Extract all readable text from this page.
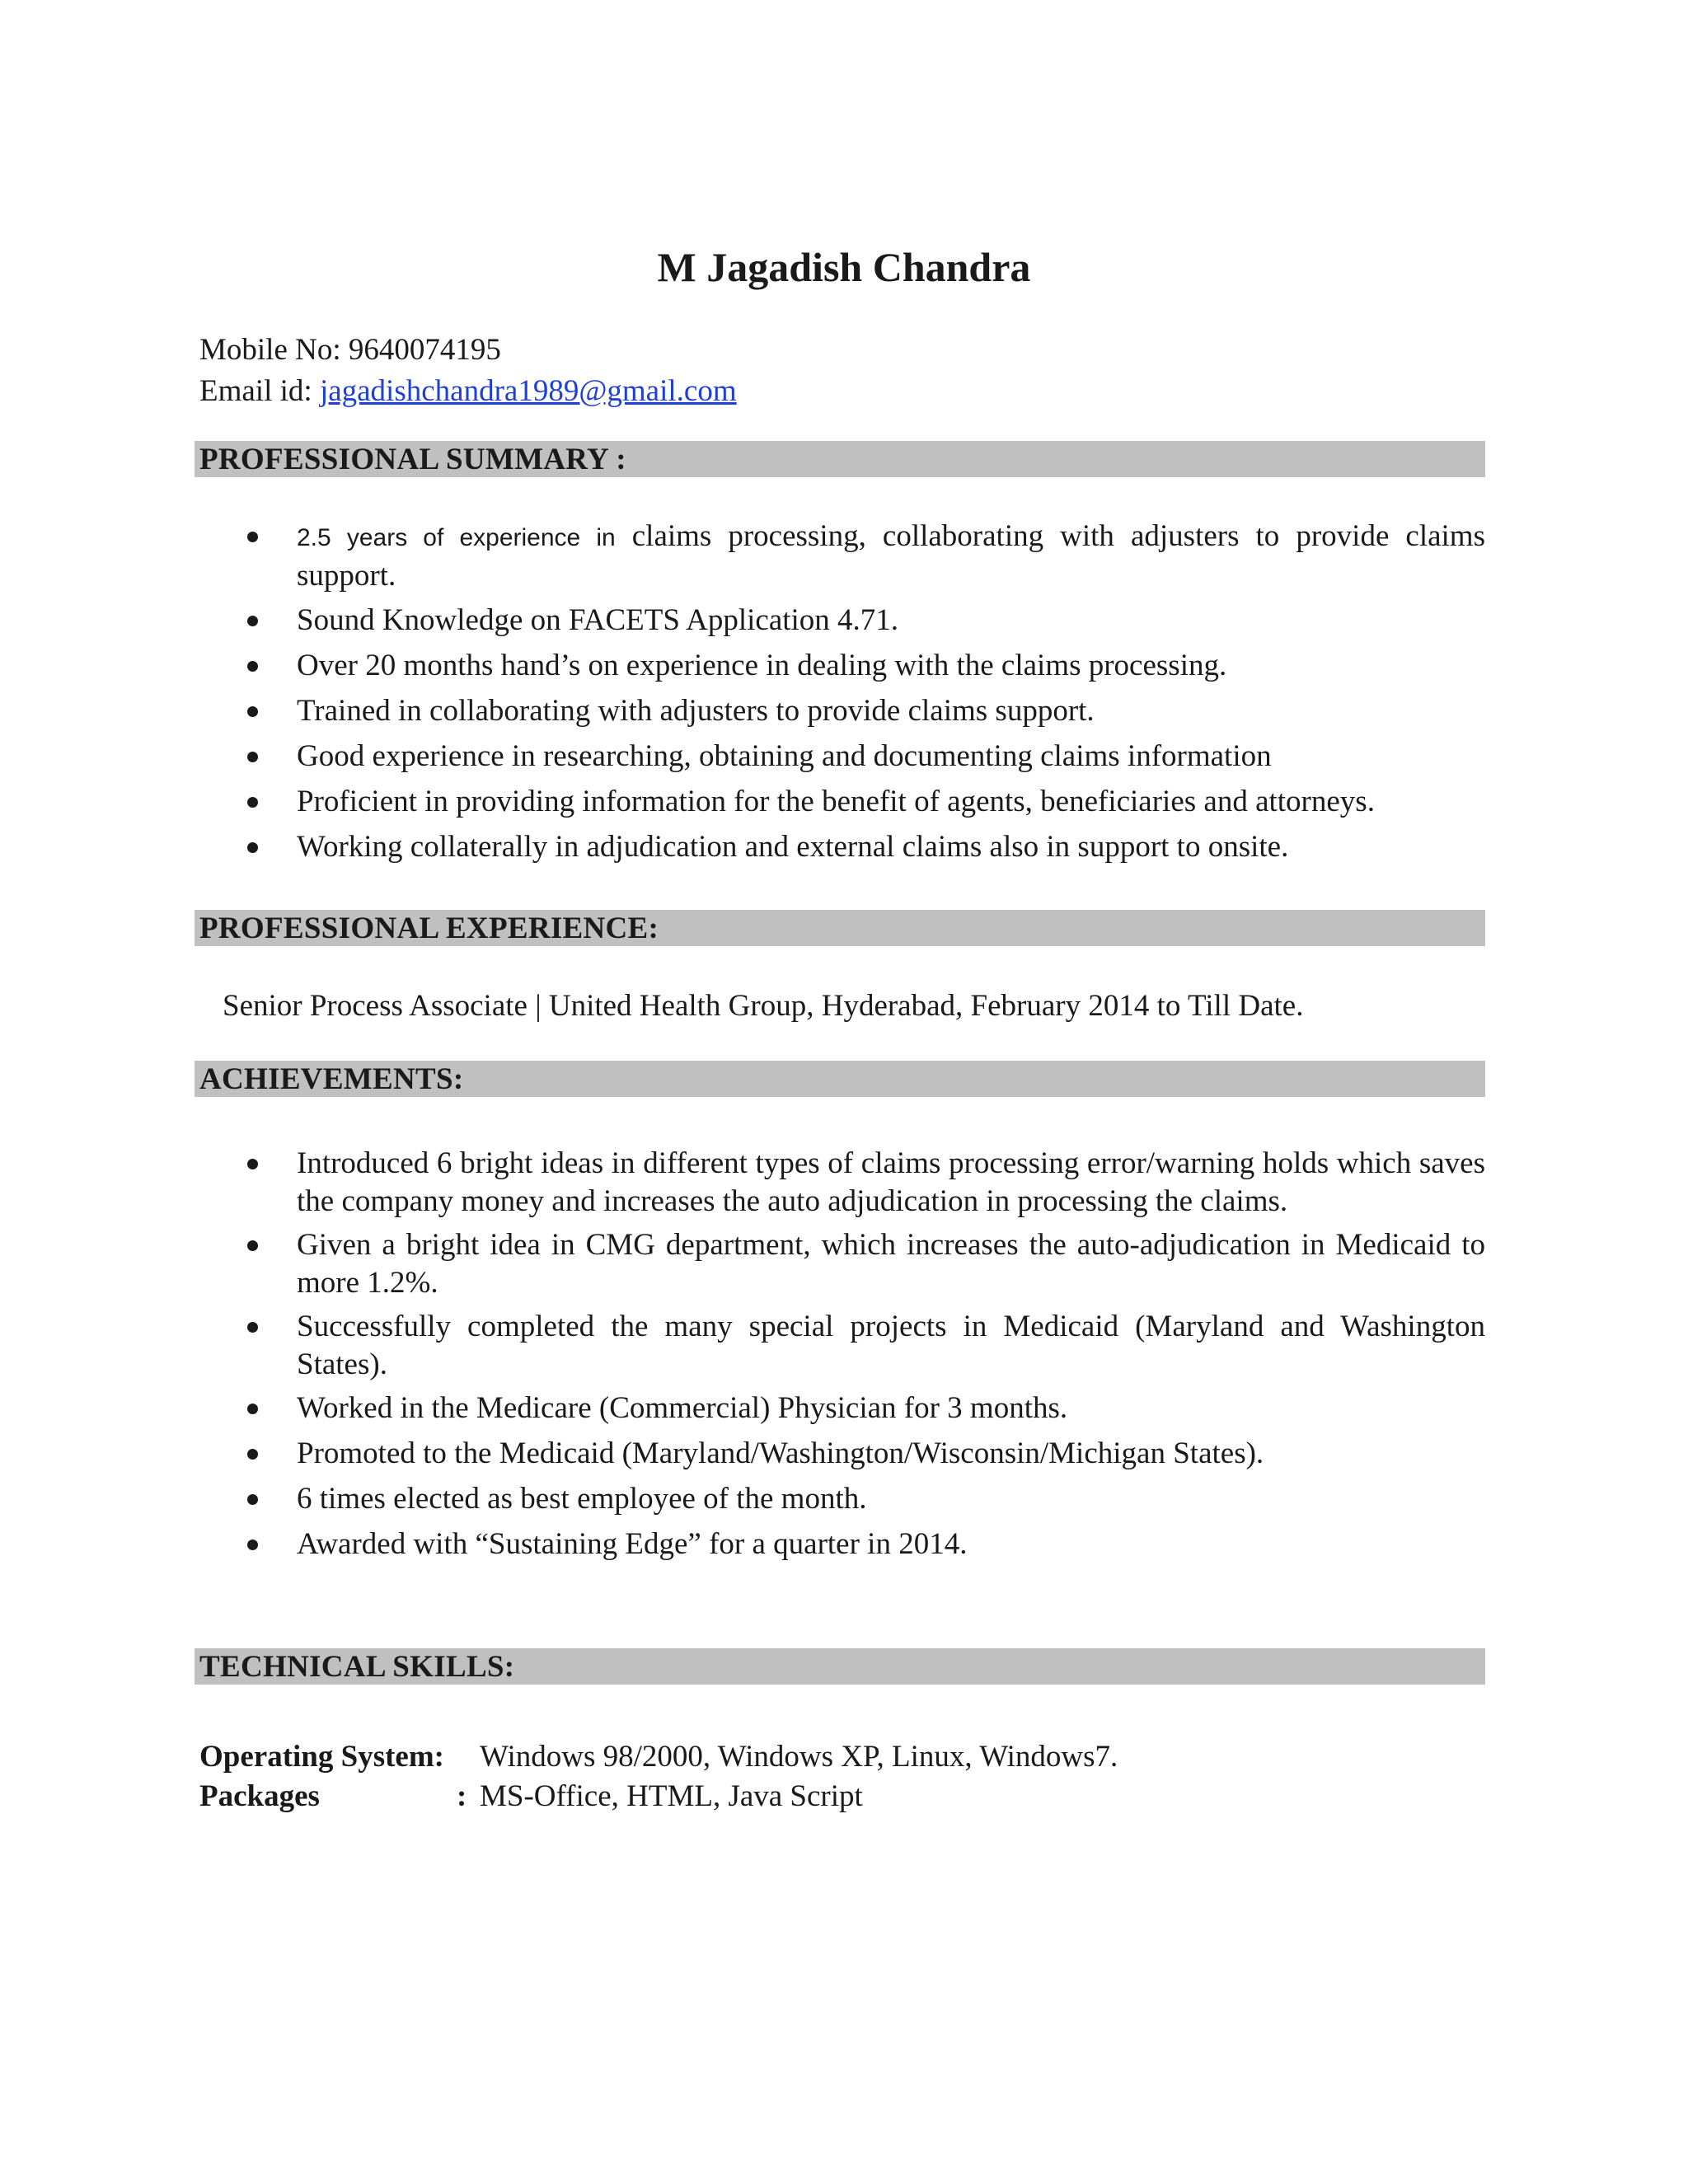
M Jagadish Chandra
Mobile No: 9640074195
Email id: jagadishchandra1989@gmail.com
PROFESSIONAL SUMMARY :
2.5 years of experience in claims processing, collaborating with adjusters to provide claims support.
Sound Knowledge on FACETS Application 4.71.
Over 20 months hand’s on experience in dealing with the claims processing.
Trained in collaborating with adjusters to provide claims support.
Good experience in researching, obtaining and documenting claims information
Proficient in providing information for the benefit of agents, beneficiaries and attorneys.
Working collaterally in adjudication and external claims also in support to onsite.
PROFESSIONAL EXPERIENCE:
Senior Process Associate | United Health Group, Hyderabad, February 2014 to Till Date.
ACHIEVEMENTS:
Introduced 6 bright ideas in different types of claims processing error/warning holds which saves the company money and increases the auto adjudication in processing the claims.
Given a bright idea in CMG department, which increases the auto-adjudication in Medicaid to more 1.2%.
Successfully completed the many special projects in Medicaid (Maryland and Washington States).
Worked in the Medicare (Commercial) Physician for 3 months.
Promoted to the Medicaid (Maryland/Washington/Wisconsin/Michigan States).
6 times elected as best employee of the month.
Awarded with “Sustaining Edge” for a quarter in 2014.
TECHNICAL SKILLS:
Operating System: Windows 98/2000, Windows XP, Linux, Windows7.
Packages	: MS-Office, HTML, Java Script
